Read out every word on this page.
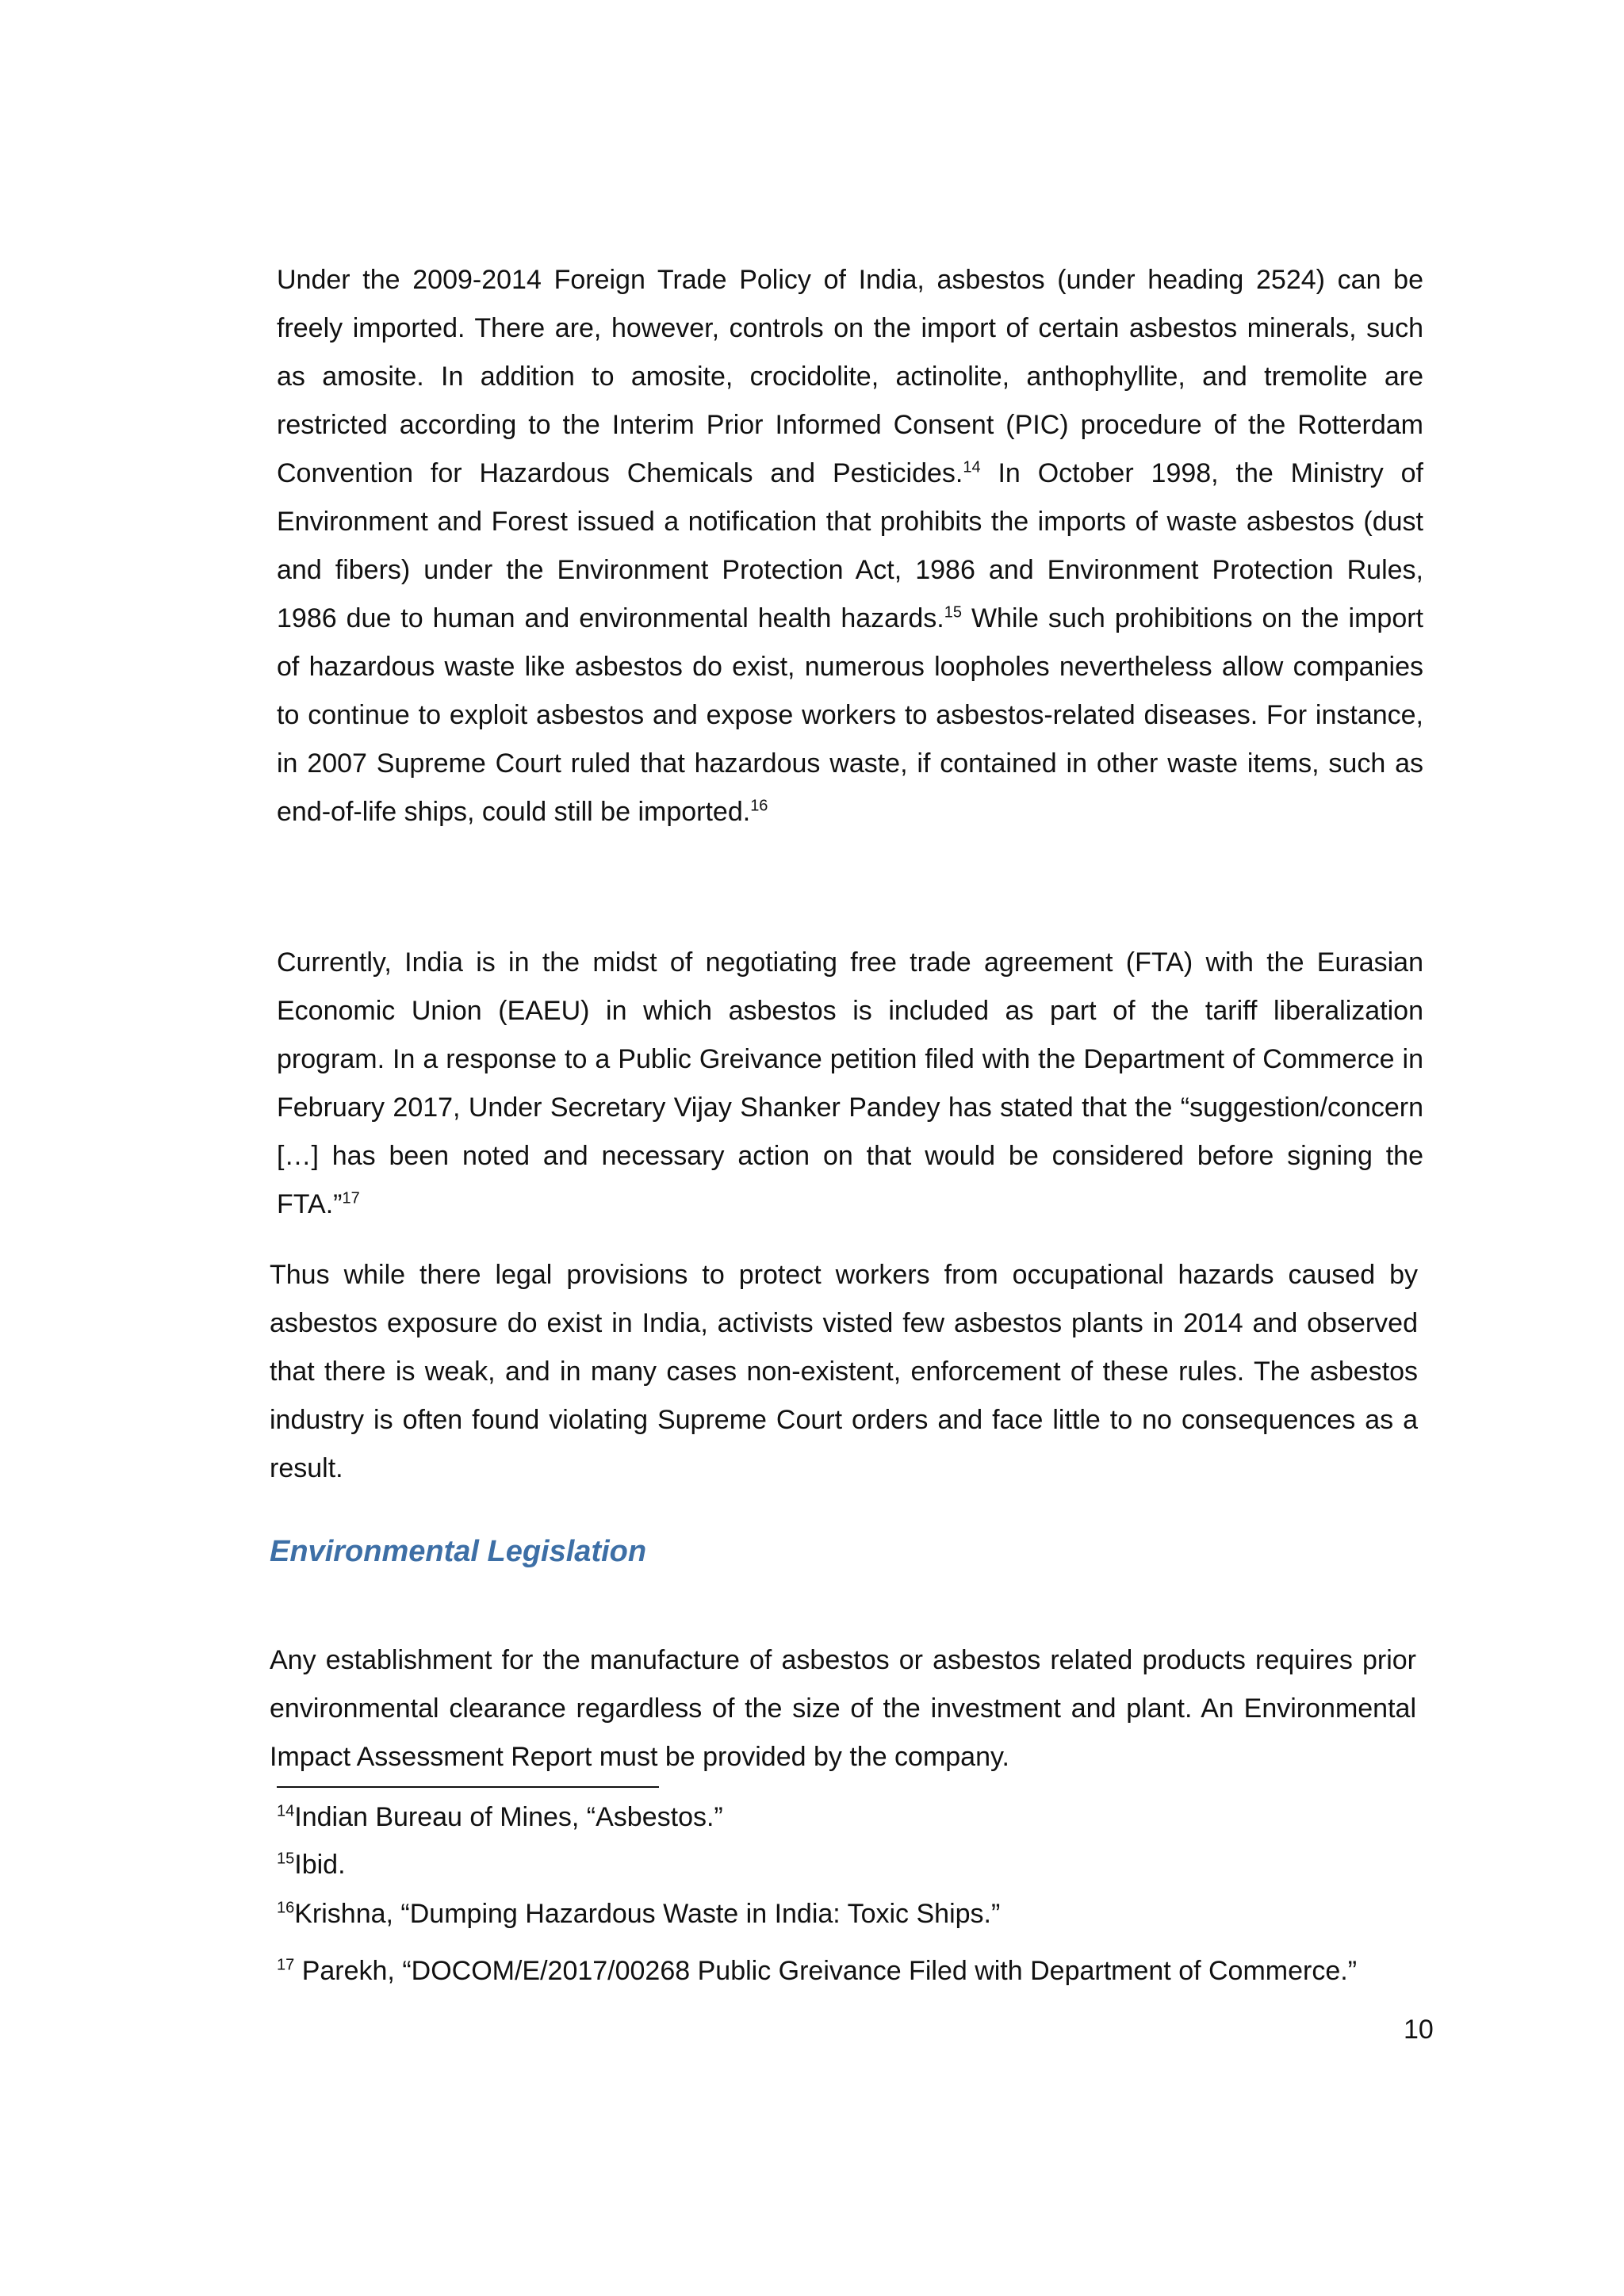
Under the 2009-2014 Foreign Trade Policy of India, asbestos (under heading 2524) can be freely imported. There are, however, controls on the import of certain asbestos minerals, such as amosite. In addition to amosite, crocidolite, actinolite, anthophyllite, and tremolite are restricted according to the Interim Prior Informed Consent (PIC) procedure of the Rotterdam Convention for Hazardous Chemicals and Pesticides.$^{14}$ In October 1998, the Ministry of Environment and Forest issued a notification that prohibits the imports of waste asbestos (dust and fibers) under the Environment Protection Act, 1986 and Environment Protection Rules, 1986 due to human and environmental health hazards.$^{15}$ While such prohibitions on the import of hazardous waste like asbestos do exist, numerous loopholes nevertheless allow companies to continue to exploit asbestos and expose workers to asbestos-related diseases. For instance, in 2007 Supreme Court ruled that hazardous waste, if contained in other waste items, such as end-of-life ships, could still be imported.$^{16}$

Currently, India is in the midst of negotiating free trade agreement (FTA) with the Eurasian Economic Union (EAEU) in which asbestos is included as part of the tariff liberalization program. In a response to a Public Greivance petition filed with the Department of Commerce in February 2017, Under Secretary Vijay Shanker Pandey has stated that the “suggestion/concern […] has been noted and necessary action on that would be considered before signing the FTA.”$^{17}$

Thus while there legal provisions to protect workers from occupational hazards caused by asbestos exposure do exist in India, activists visted few asbestos plants in 2014 and observed that there is weak, and in many cases non-existent, enforcement of these rules. The asbestos industry is often found violating Supreme Court orders and face little to no consequences as a result.

Environmental Legislation

Any establishment for the manufacture of asbestos or asbestos related products requires prior environmental clearance regardless of the size of the investment and plant. An Environmental Impact Assessment Report must be provided by the company.

$^{14}$Indian Bureau of Mines, “Asbestos.”

$^{15}$Ibid.

$^{16}$Krishna, “Dumping Hazardous Waste in India: Toxic Ships.”

$^{17}$ Parekh, “DOCOM/E/2017/00268 Public Greivance Filed with Department of Commerce.”

10
